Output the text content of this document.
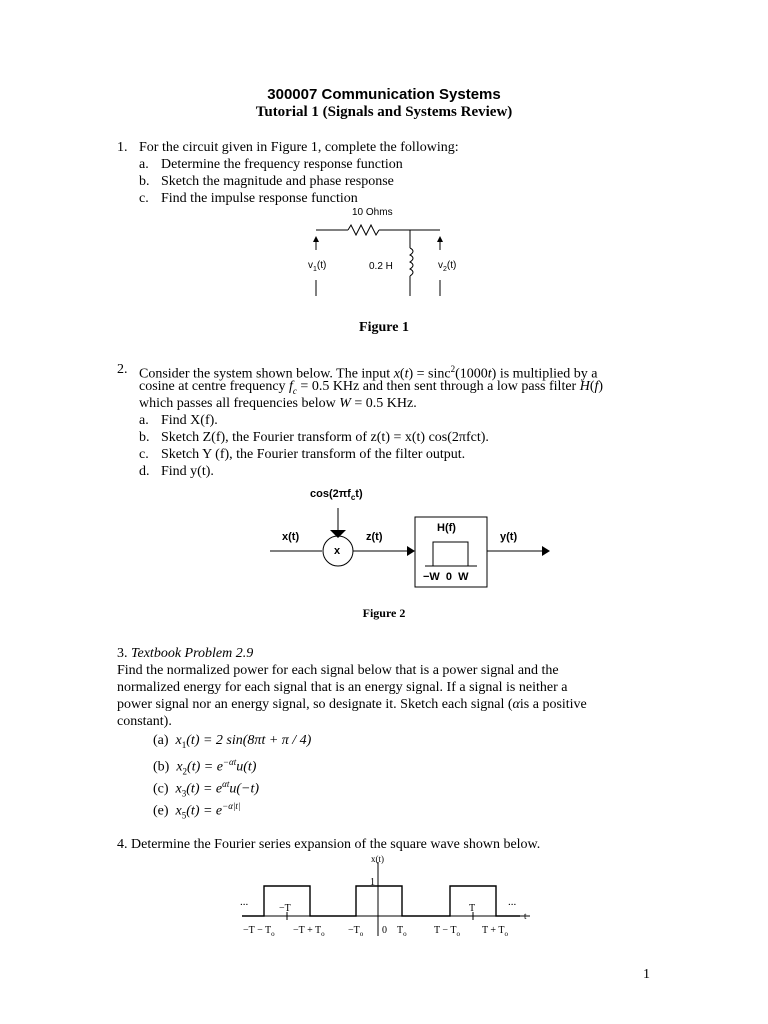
300007 Communication Systems
Tutorial 1 (Signals and Systems Review)
1. For the circuit given in Figure 1, complete the following:
a. Determine the frequency response function
b. Sketch the magnitude and phase response
c. Find the impulse response function
10 Ohms
0.2 H
$v_1(t)$	$v_2(t)$
Figure 1
2. Consider the system shown below. The input x(t) = sinc$^2$(1000t) is multiplied by a
cosine at centre frequency $f_c = 0.5$ KHz and then sent through a low pass filter H(f)
which passes all frequencies below W = 0.5 KHz.
a. Find X(f).
b. Sketch Z(f), the Fourier transform of z(t) = x(t) cos(2πfct).
c. Sketch Y (f), the Fourier transform of the filter output.
d. Find y(t).
$\cos(2\pi f_ct)$
x(t)
x
z(t)
H(f)
y(t)
−W  0  W
Figure 2
3. Textbook Problem 2.9
Find the normalized power for each signal below that is a power signal and the
normalized energy for each signal that is an energy signal. If a signal is neither a
power signal nor an energy signal, so designate it. Sketch each signal (αis a positive
constant).
(a) $x_1(t) = 2$ sin(8πt + π / 4)
(b) $x_2(t) = e^{-\alpha t}u(t)$
(c) $x_3(t) = e^{\alpha t}u(-t)$
(e) $x_5(t) = e^{-\alpha|t|}$
4. Determine the Fourier series expansion of the square wave shown below.
x(t)
1
...	...
t
−T	T
$-T - T_o -T + T_o -T_o$ 0 $T_o$	$T - T_o$ $T + T_o$
1
